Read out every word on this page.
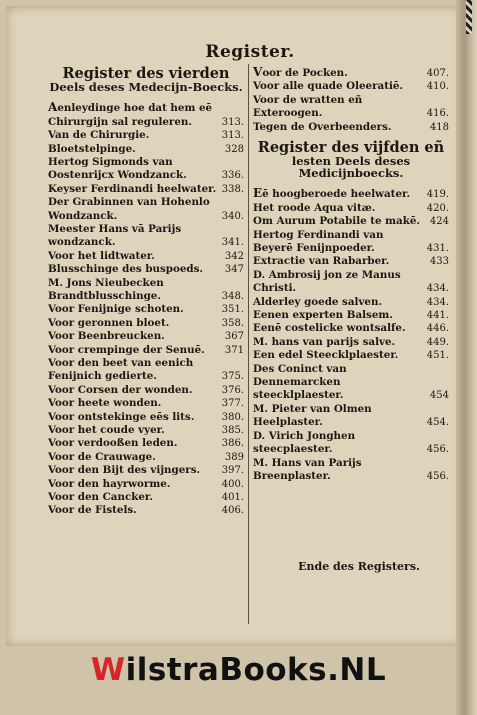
Register.
Register des vierden
Deels deses Medecijn-Boecks.
Aenleydinge hoe dat hem eē Chirurgijn sal reguleren.	313.
Van de Chirurgie.	313.
Bloetstelpinge.	328
Hertog Sigmonds van Oostenrijcx Wondzanck.	336.
Keyser Ferdinandi heelwater. 338.
Der Grabinnen van Hohenlo Wondzanck.	340.
Meester Hans vā Parijs wondzanck.	341.
Voor het lidtwater.	342
Blusschinge des buspoeds. 347
M. Jons Nieubecken Brandtblusschinge.	348.
Voor Fenijnige schoten.	351.
Voor geronnen bloet.	358.
Voor Beenbreucken.	367
Voor crempinge der Senuē. 371
Voor den beet van eenich Fenijnich gedierte.	375.
Voor Corsen der wonden.	376.
Voor heete wonden.	377.
Voor ontstekinge eēs lits.	380.
Voor het coude vyer.	385.
Voor verdooßen leden.	386.
Voor de Crauwage.	389
Voor den Bijt des vijngers. 397.
Voor den hayrworme.	400.
Voor den Cancker.	401.
Voor de Fistels.	406.
Voor de Pocken.	407.
Voor alle quade Oleeratiē. 410.
Voor de wratten eñ Exteroogen.	416.
Tegen de Overbeenders.	418
Register des vijfden eñ
lesten Deels deses Medicijnboecks.
Eē hoogberoede heelwater. 419.
Het roode Aqua vitæ.	420.
Om Aurum Potabile te makē. 424
Hertog Ferdinandi van Beyerē Fenijnpoeder.	431.
Extractie van Rabarber.	433
D. Ambrosij jon ze Manus Christi.	434.
Alderley goede salven.	434.
Eenen experten Balsem.	441.
Eenē costelicke wontsalfe. 446.
M. hans van parijs salve.	449.
Een edel Steecklplaester.	451.
Des Coninct van Dennemarcken steecklplaester.	454
M. Pieter van Olmen Heelplaster.	454.
D. Virich Jonghen steecplaester.	456.
M. Hans van Parijs Breenplaster.	456.
Ende des Registers.
WilstraBooks.NL
